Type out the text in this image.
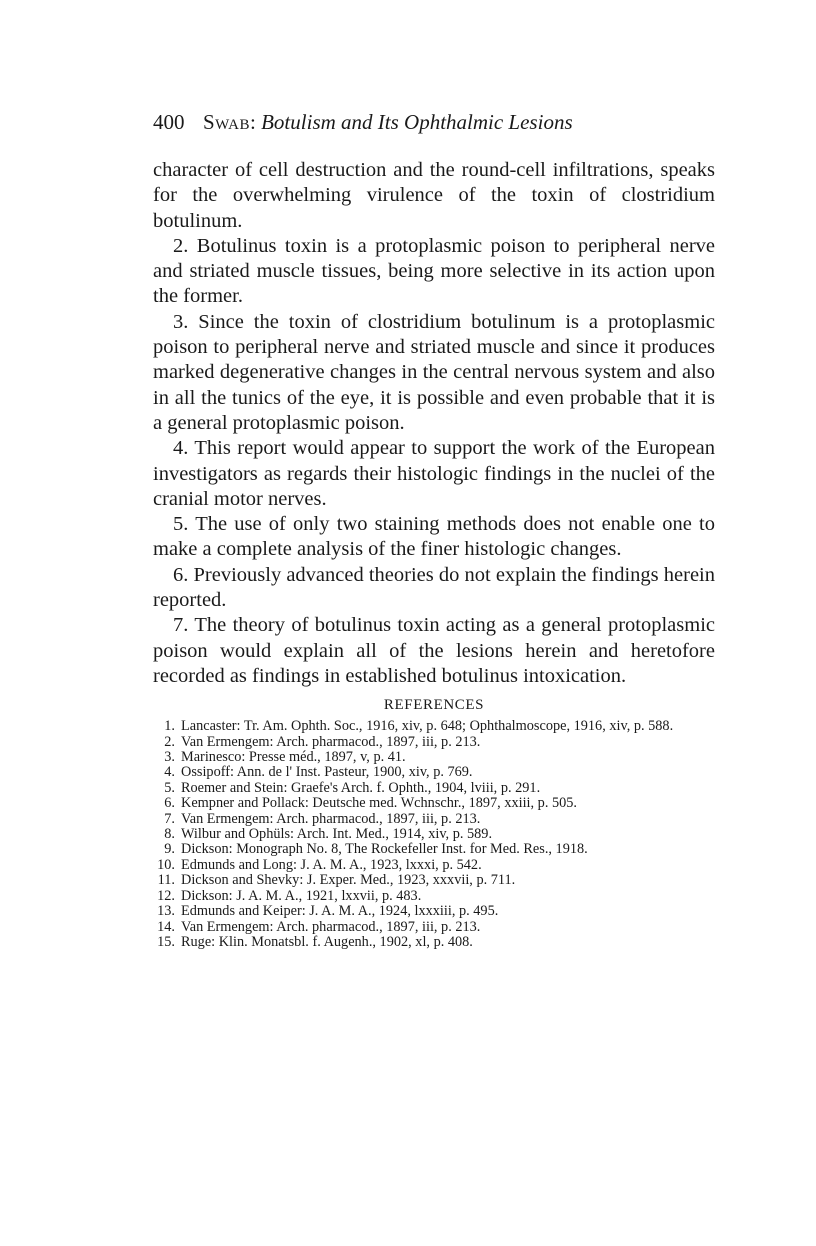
400 Swab: Botulism and Its Ophthalmic Lesions

character of cell destruction and the round-cell infiltrations, speaks for the overwhelming virulence of the toxin of clostridium botulinum.

2. Botulinus toxin is a protoplasmic poison to peripheral nerve and striated muscle tissues, being more selective in its action upon the former.

3. Since the toxin of clostridium botulinum is a protoplasmic poison to peripheral nerve and striated muscle and since it produces marked degenerative changes in the central nervous system and also in all the tunics of the eye, it is possible and even probable that it is a general protoplasmic poison.

4. This report would appear to support the work of the European investigators as regards their histologic findings in the nuclei of the cranial motor nerves.

5. The use of only two staining methods does not enable one to make a complete analysis of the finer histologic changes.

6. Previously advanced theories do not explain the findings herein reported.

7. The theory of botulinus toxin acting as a general protoplasmic poison would explain all of the lesions herein and heretofore recorded as findings in established botulinus intoxication.

REFERENCES
1. Lancaster: Tr. Am. Ophth. Soc., 1916, xiv, p. 648; Ophthalmoscope, 1916, xiv, p. 588.
2. Van Ermengem: Arch. pharmacod., 1897, iii, p. 213.
3. Marinesco: Presse méd., 1897, v, p. 41.
4. Ossipoff: Ann. de l' Inst. Pasteur, 1900, xiv, p. 769.
5. Roemer and Stein: Graefe's Arch. f. Ophth., 1904, lviii, p. 291.
6. Kempner and Pollack: Deutsche med. Wchnschr., 1897, xxiii, p. 505.
7. Van Ermengem: Arch. pharmacod., 1897, iii, p. 213.
8. Wilbur and Ophüls: Arch. Int. Med., 1914, xiv, p. 589.
9. Dickson: Monograph No. 8, The Rockefeller Inst. for Med. Res., 1918.
10. Edmunds and Long: J. A. M. A., 1923, lxxxi, p. 542.
11. Dickson and Shevky: J. Exper. Med., 1923, xxxvii, p. 711.
12. Dickson: J. A. M. A., 1921, lxxvii, p. 483.
13. Edmunds and Keiper: J. A. M. A., 1924, lxxxiii, p. 495.
14. Van Ermengem: Arch. pharmacod., 1897, iii, p. 213.
15. Ruge: Klin. Monatsbl. f. Augenh., 1902, xl, p. 408.
